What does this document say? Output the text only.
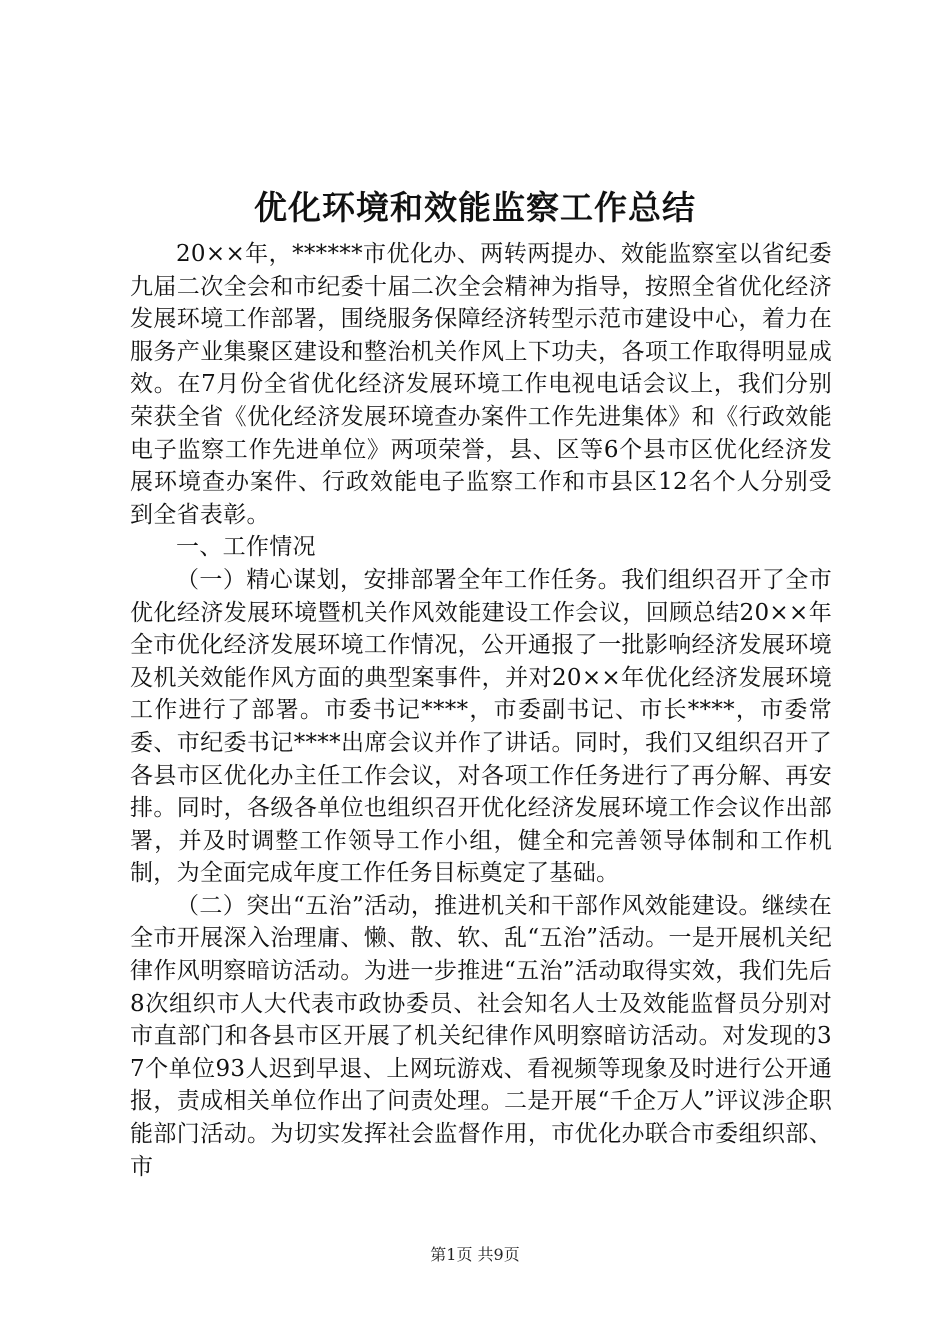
优化环境和效能监察工作总结

20××年，******市优化办、两转两提办、效能监察室以省纪委九届二次全会和市纪委十届二次全会精神为指导，按照全省优化经济发展环境工作部署，围绕服务保障经济转型示范市建设中心，着力在服务产业集聚区建设和整治机关作风上下功夫，各项工作取得明显成效。在7月份全省优化经济发展环境工作电视电话会议上，我们分别荣获全省《优化经济发展环境查办案件工作先进集体》和《行政效能电子监察工作先进单位》两项荣誉，县、区等6个县市区优化经济发展环境查办案件、行政效能电子监察工作和市县区12名个人分别受到全省表彰。

一、工作情况

（一）精心谋划，安排部署全年工作任务。我们组织召开了全市优化经济发展环境暨机关作风效能建设工作会议，回顾总结20××年全市优化经济发展环境工作情况，公开通报了一批影响经济发展环境及机关效能作风方面的典型案事件，并对20××年优化经济发展环境工作进行了部署。市委书记****，市委副书记、市长****，市委常委、市纪委书记****出席会议并作了讲话。同时，我们又组织召开了各县市区优化办主任工作会议，对各项工作任务进行了再分解、再安排。同时，各级各单位也组织召开优化经济发展环境工作会议作出部署，并及时调整工作领导工作小组，健全和完善领导体制和工作机制，为全面完成年度工作任务目标奠定了基础。

（二）突出“五治”活动，推进机关和干部作风效能建设。继续在全市开展深入治理庸、懒、散、软、乱“五治”活动。一是开展机关纪律作风明察暗访活动。为进一步推进“五治”活动取得实效，我们先后8次组织市人大代表市政协委员、社会知名人士及效能监督员分别对市直部门和各县市区开展了机关纪律作风明察暗访活动。对发现的37个单位93人迟到早退、上网玩游戏、看视频等现象及时进行公开通报，责成相关单位作出了问责处理。二是开展“千企万人”评议涉企职能部门活动。为切实发挥社会监督作用，市优化办联合市委组织部、市

第1页 共9页
